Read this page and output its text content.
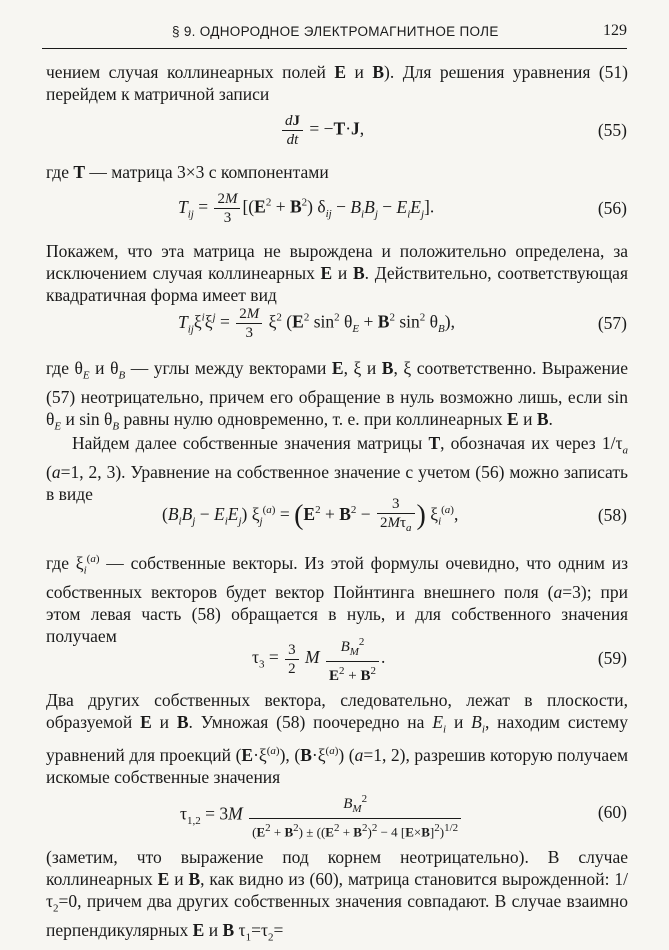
§ 9. ОДНОРОДНОЕ ЭЛЕКТРОМАГНИТНОЕ ПОЛЕ	129
чением случая коллинеарных полей E и B). Для решения уравнения (51) перейдем к матричной записи
$\frac{dJ}{dt} = -T\cdot J$,	(55)
где T — матрица 3×3 с компонентами
$T_{ij} = \frac{2M}{3} [(E^2 + B^2) \delta_{ij} - B_iB_j - E_iE_j]$.	(56)
Покажем, что эта матрица не вырождена и положительно определена, за исключением случая коллинеарных E и B. Действительно, соответствующая квадратичная форма имеет вид
$T_{ij}\xi^i\xi^j = \frac{2M}{3} \xi^2$ ($E^2$ $\sin^2 \theta_E + B^2$ $\sin^2 \theta_B$),	(57)
где $\theta_E$ и $\theta_B$ — углы между векторами E, ξ и B, ξ соответственно. Выражение (57) неотрицательно, причем его обращение в нуль возможно лишь, если $\sin \theta_E$ и $\sin \theta_B$ равны нулю одновременно, т. е. при коллинеарных E и B.
Найдем далее собственные значения матрицы T, обозначая их через $1/\tau_a$ (a=1, 2, 3). Уравнение на собственное значение с учетом (56) можно записать в виде
$(B_iB_j - E_iE_j) \xi_j^{(a)} = (E^2 + B^2 - \frac{3}{2M\tau_a}$ ) $\xi_i^{(a)}$,	(58)
где $\xi_i^{(a)}$ — собственные векторы. Из этой формулы очевидно, что одним из собственных векторов будет вектор Пойнтинга внешнего поля (a=3); при этом левая часть (58) обращается в нуль, и для собственного значения получаем
$\tau_3 = \frac{3}{2}$ M $\frac{B_M^2}{E^2 + B^2}$ .	(59)
Два других собственных вектора, следовательно, лежат в плоскости, образуемой E и B. Умножая (58) поочередно на $E_i$ и $B_i$, находим систему уравнений для проекций $(E\cdot\xi^{(a)})$, $(B\cdot\xi^{(a)})$ (a=1, 2), разрешив которую получаем искомые собственные значения
$\tau_{1,2} = 3M \frac{B_M^2}{(E^2 + B^2) \pm ((E^2 + B^2)^2 - 4 [E\times B]^2)^{1/2}}$	(60)
(заметим, что выражение под корнем неотрицательно). В случае коллинеарных E и B, как видно из (60), матрица становится вырожденной: $1/\tau_2=0$, причем два других собственных значения совпадают. В случае взаимно перпендикулярных E и B $\tau_1=\tau_2=$
